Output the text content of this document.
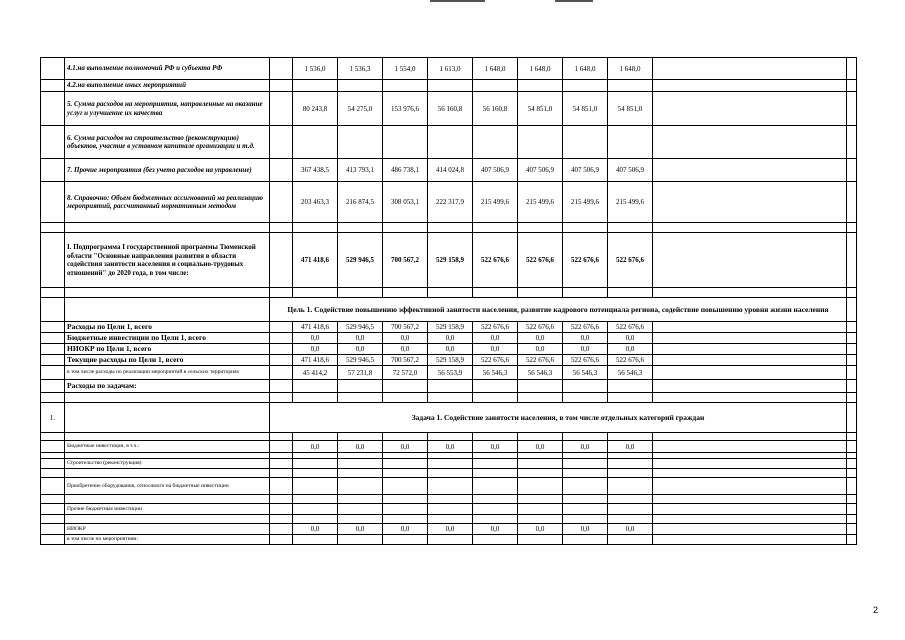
	4.1.на выполнение полномочий РФ и субъекта РФ		1 536,0	1 536,3	1 554,0	1 613,0	1 648,0	1 648,0	1 648,0	1 648,0		
	4.2.на выполнение иных мероприятий											
	5. Сумма расходов на мероприятия, направленные на оказание услуг и улучшение их качества		80 243,8	54 275,0	153 976,6	56 160,8	56 160,8	54 851,0	54 851,0	54 851,0		
	6. Сумма расходов на строительство (реконструкцию) объектов, участие в уставном капитале организации и т.д.											
	7. Прочие мероприятия (без учета расходов на управление)		367 438,5	413 793,1	486 738,1	414 024,8	407 506,9	407 506,9	407 506,9	407 506,9		
	8. Справочно: Объем бюджетных ассигнований на реализацию мероприятий, рассчитанный нормативным методом		203 463,3	216 874,5	308 053,1	222 317,9	215 499,6	215 499,6	215 499,6	215 499,6		

	I. Подпрограмма I государственной программы Тюменской области "Основные направления развития в области содействия занятости населения и социально-трудовых отношений" до 2020 года, в том числе:		471 418,6	529 946,5	700 567,2	529 158,9	522 676,6	522 676,6	522 676,6	522 676,6		

		Цель 1. Содействие повышению эффективной занятости населения, развитие кадрового потенциала региона, содействие повышению уровня жизни населения										
	Расходы по Цели 1, всего		471 418,6	529 946,5	700 567,2	529 158,9	522 676,6	522 676,6	522 676,6	522 676,6		
	Бюджетные инвестиции по Цели 1, всего		0,0	0,0	0,0	0,0	0,0	0,0	0,0	0,0		
	НИОКР по Цели 1, всего		0,0	0,0	0,0	0,0	0,0	0,0	0,0	0,0		
	Текущие расходы по Цели 1, всего		471 418,6	529 946,5	700 567,2	529 158,9	522 676,6	522 676,6	522 676,6	522 676,6		
	в том числе расходы по реализации мероприятий в сельских территориях		45 414,2	57 231,8	72 572,0	56 553,9	56 546,3	56 546,3	56 546,3	56 546,3		
	Расходы по задачам:											

1.		Задача 1. Содействие занятости населения, в том числе отдельных категорий граждан										

	Бюджетные инвестиции, в т.ч.:		0,0	0,0	0,0	0,0	0,0	0,0	0,0	0,0		

	Строительство (реконструкция)											

	Приобретение оборудования, относимого на бюджетные инвестиции											

	Прочие бюджетные инвестиции											

	НИОКР		0,0	0,0	0,0	0,0	0,0	0,0	0,0	0,0		
	в том числе по мероприятиям:											
2
